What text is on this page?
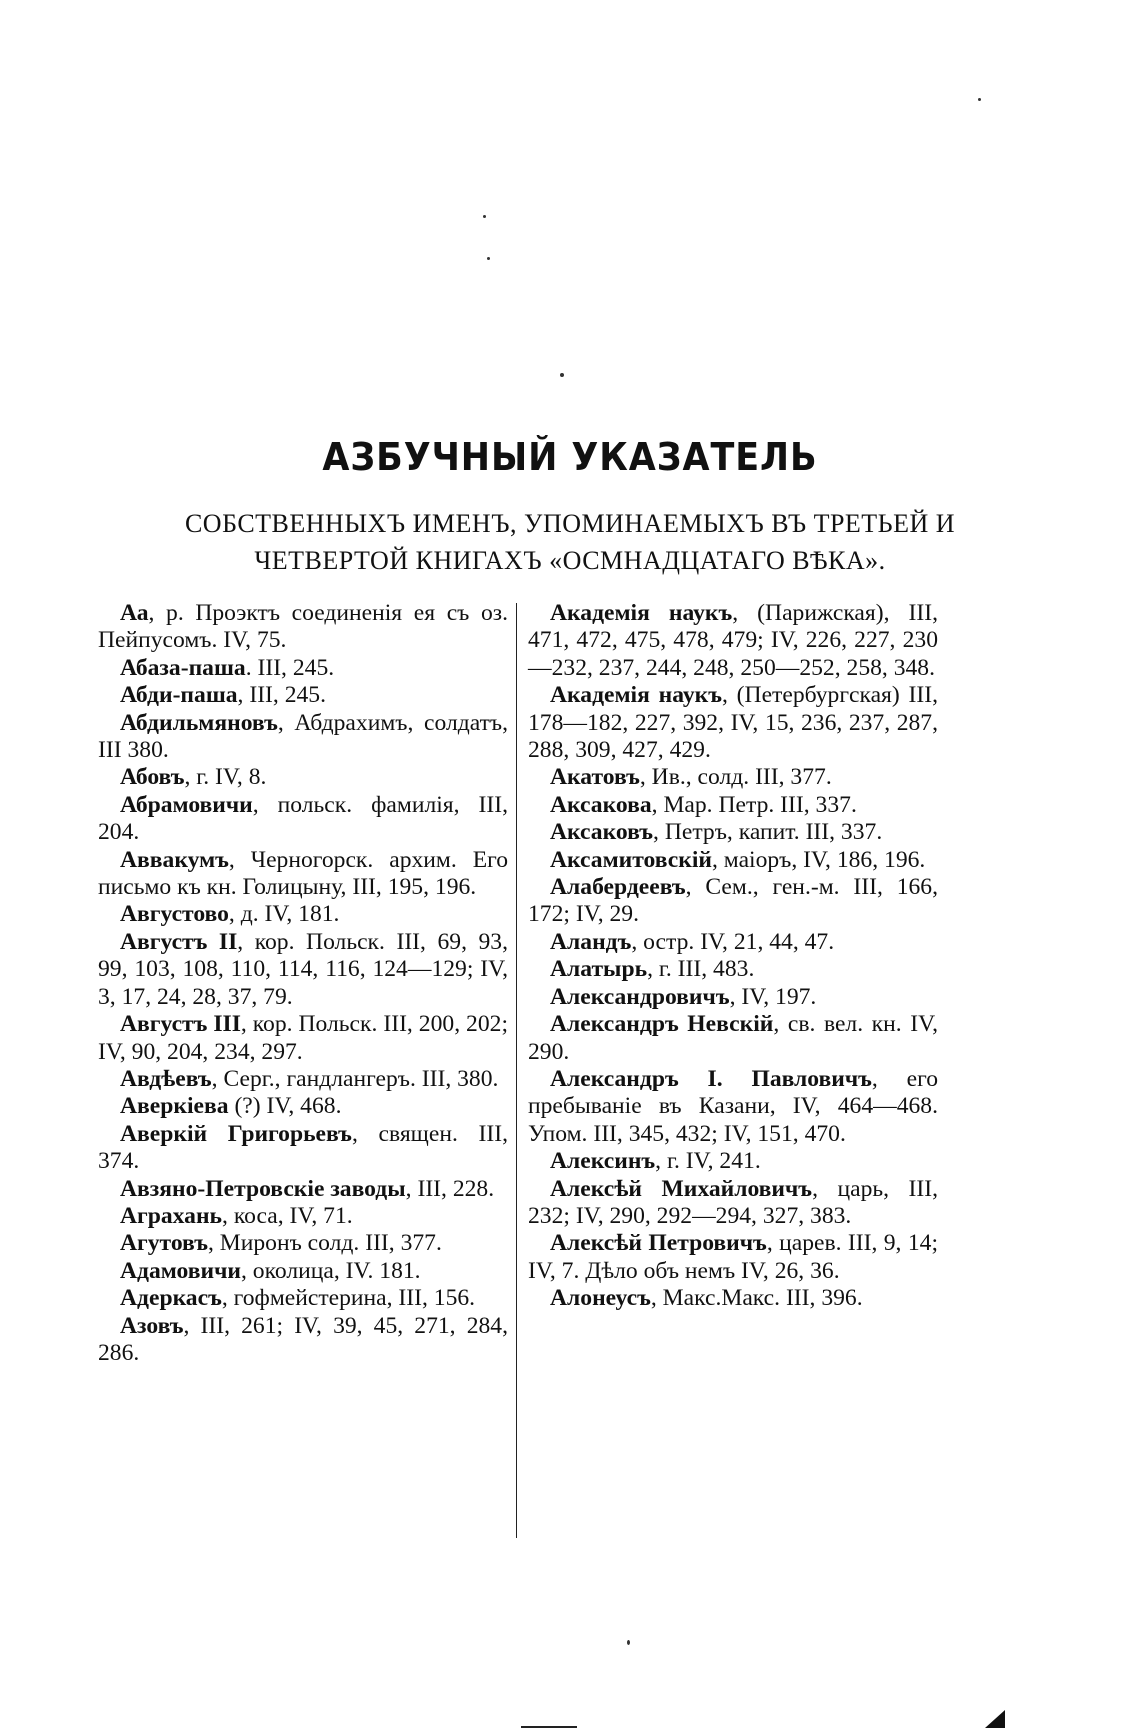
АЗБУЧНЫЙ УКАЗАТЕЛЬ
СОБСТВЕННЫХЪ ИМЕНЪ, УПОМИНАЕМЫХЪ ВЪ ТРЕТЬЕЙ И
ЧЕТВЕРТОЙ КНИГАХЪ «ОСМНАДЦАТАГО ВѢКА».

Аа, р. Проэктъ соединенія ея съ оз. Пейпусомъ. IV, 75.

Абаза-паша. III, 245.

Абди-паша, III, 245.

Абдильмяновъ, Абдрахимъ, солдатъ, III 380.

Абовъ, г. IV, 8.

Абрамовичи, польск. фамилія, III, 204.

Аввакумъ, Черногорск. архим. Его письмо къ кн. Голицыну, III, 195, 196.

Августово, д. IV, 181.

Августъ II, кор. Польск. III, 69, 93, 99, 103, 108, 110, 114, 116, 124—129; IV, 3, 17, 24, 28, 37, 79.

Августъ III, кор. Польск. III, 200, 202; IV, 90, 204, 234, 297.

Авдѣевъ, Серг., гандлангеръ. III, 380.

Аверкіева (?) IV, 468.

Аверкій Григорьевъ, священ. III, 374.

Авзяно-Петровскіе заводы, III, 228.

Аграхань, коса, IV, 71.

Агутовъ, Миронъ солд. III, 377.

Адамовичи, околица, IV. 181.

Адеркасъ, гофмейстерина, III, 156.

Азовъ, III, 261; IV, 39, 45, 271, 284, 286.

Академія наукъ, (Парижская), III, 471, 472, 475, 478, 479; IV, 226, 227, 230—232, 237, 244, 248, 250—252, 258, 348.

Академія наукъ, (Петербургская) III, 178—182, 227, 392, IV, 15, 236, 237, 287, 288, 309, 427, 429.

Акатовъ, Ив., солд. III, 377.

Аксакова, Мар. Петр. III, 337.

Аксаковъ, Петръ, капит. III, 337.

Аксамитовскій, маіоръ, IV, 186, 196.

Алабердеевъ, Сем., ген.-м. III, 166, 172; IV, 29.

Аландъ, остр. IV, 21, 44, 47.

Алатырь, г. III, 483.

Александровичъ, IV, 197.

Александръ Невскій, св. вел. кн. IV, 290.

Александръ I. Павловичъ, его пребываніе въ Казани, IV, 464—468. Упом. III, 345, 432; IV, 151, 470.

Алексинъ, г. IV, 241.

Алексѣй Михайловичъ, царь, III, 232; IV, 290, 292—294, 327, 383.

Алексѣй Петровичъ, царев. III, 9, 14; IV, 7. Дѣло объ немъ IV, 26, 36.

Алонеусъ, Макс.Макс. III, 396.
